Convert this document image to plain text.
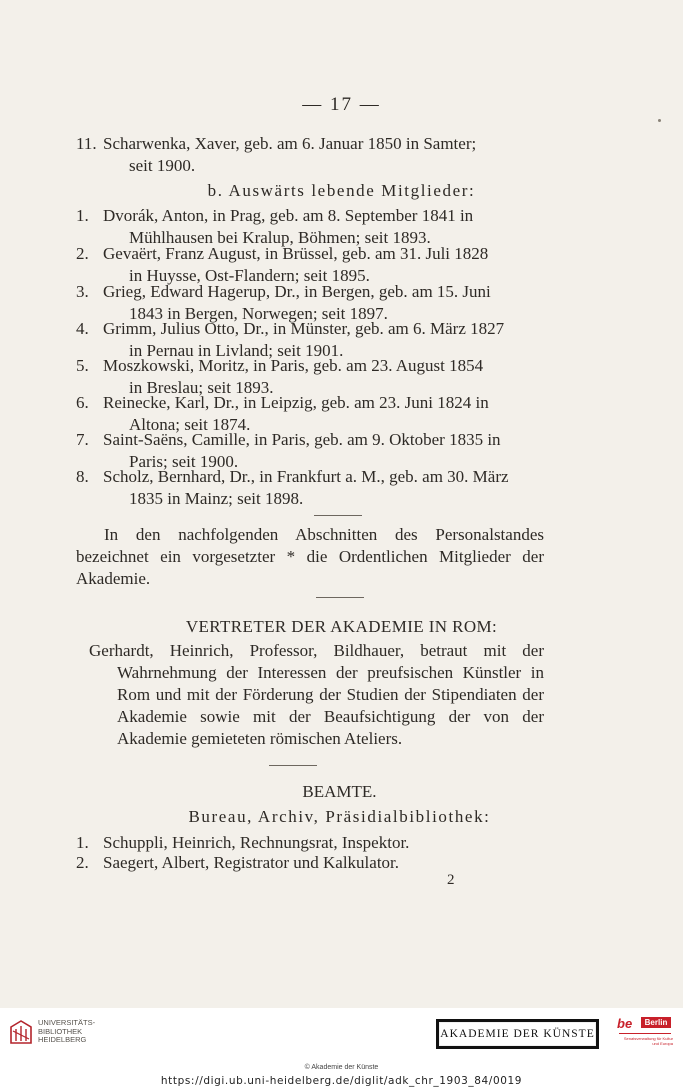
— 17 —
11. Scharwenka, Xaver, geb. am 6. Januar 1850 in Samter;
seit 1900.
b. Auswärts lebende Mitglieder:
1. Dvorák, Anton, in Prag, geb. am 8. September 1841 in
Mühlhausen bei Kralup, Böhmen; seit 1893.
2. Gevaërt, Franz August, in Brüssel, geb. am 31. Juli 1828
in Huysse, Ost-Flandern; seit 1895.
3. Grieg, Edward Hagerup, Dr., in Bergen, geb. am 15. Juni
1843 in Bergen, Norwegen; seit 1897.
4. Grimm, Julius Otto, Dr., in Münster, geb. am 6. März 1827
in Pernau in Livland; seit 1901.
5. Moszkowski, Moritz, in Paris, geb. am 23. August 1854
in Breslau; seit 1893.
6. Reinecke, Karl, Dr., in Leipzig, geb. am 23. Juni 1824 in
Altona; seit 1874.
7. Saint-Saëns, Camille, in Paris, geb. am 9. Oktober 1835 in
Paris; seit 1900.
8. Scholz, Bernhard, Dr., in Frankfurt a. M., geb. am 30. März
1835 in Mainz; seit 1898.
In den nachfolgenden Abschnitten des Personalstandes bezeichnet ein vorgesetzter * die Ordentlichen Mitglieder der Akademie.
VERTRETER DER AKADEMIE IN ROM:
Gerhardt, Heinrich, Professor, Bildhauer, betraut mit der Wahrnehmung der Interessen der preufsischen Künstler in Rom und mit der Förderung der Studien der Stipendiaten der Akademie sowie mit der Beaufsichtigung der von der Akademie gemieteten römischen Ateliers.
BEAMTE.
Bureau, Archiv, Präsidialbibliothek:
1. Schuppli, Heinrich, Rechnungsrat, Inspektor.
2. Saegert, Albert, Registrator und Kalkulator.
2
UNIVERSITÄTS-
BIBLIOTHEK
HEIDELBERG	AKADEMIE DER KÜNSTE
be	Berlin
Senatsverwaltung für Kultur und Europa
© Akademie der Künste
https://digi.ub.uni-heidelberg.de/diglit/adk_chr_1903_84/0019
